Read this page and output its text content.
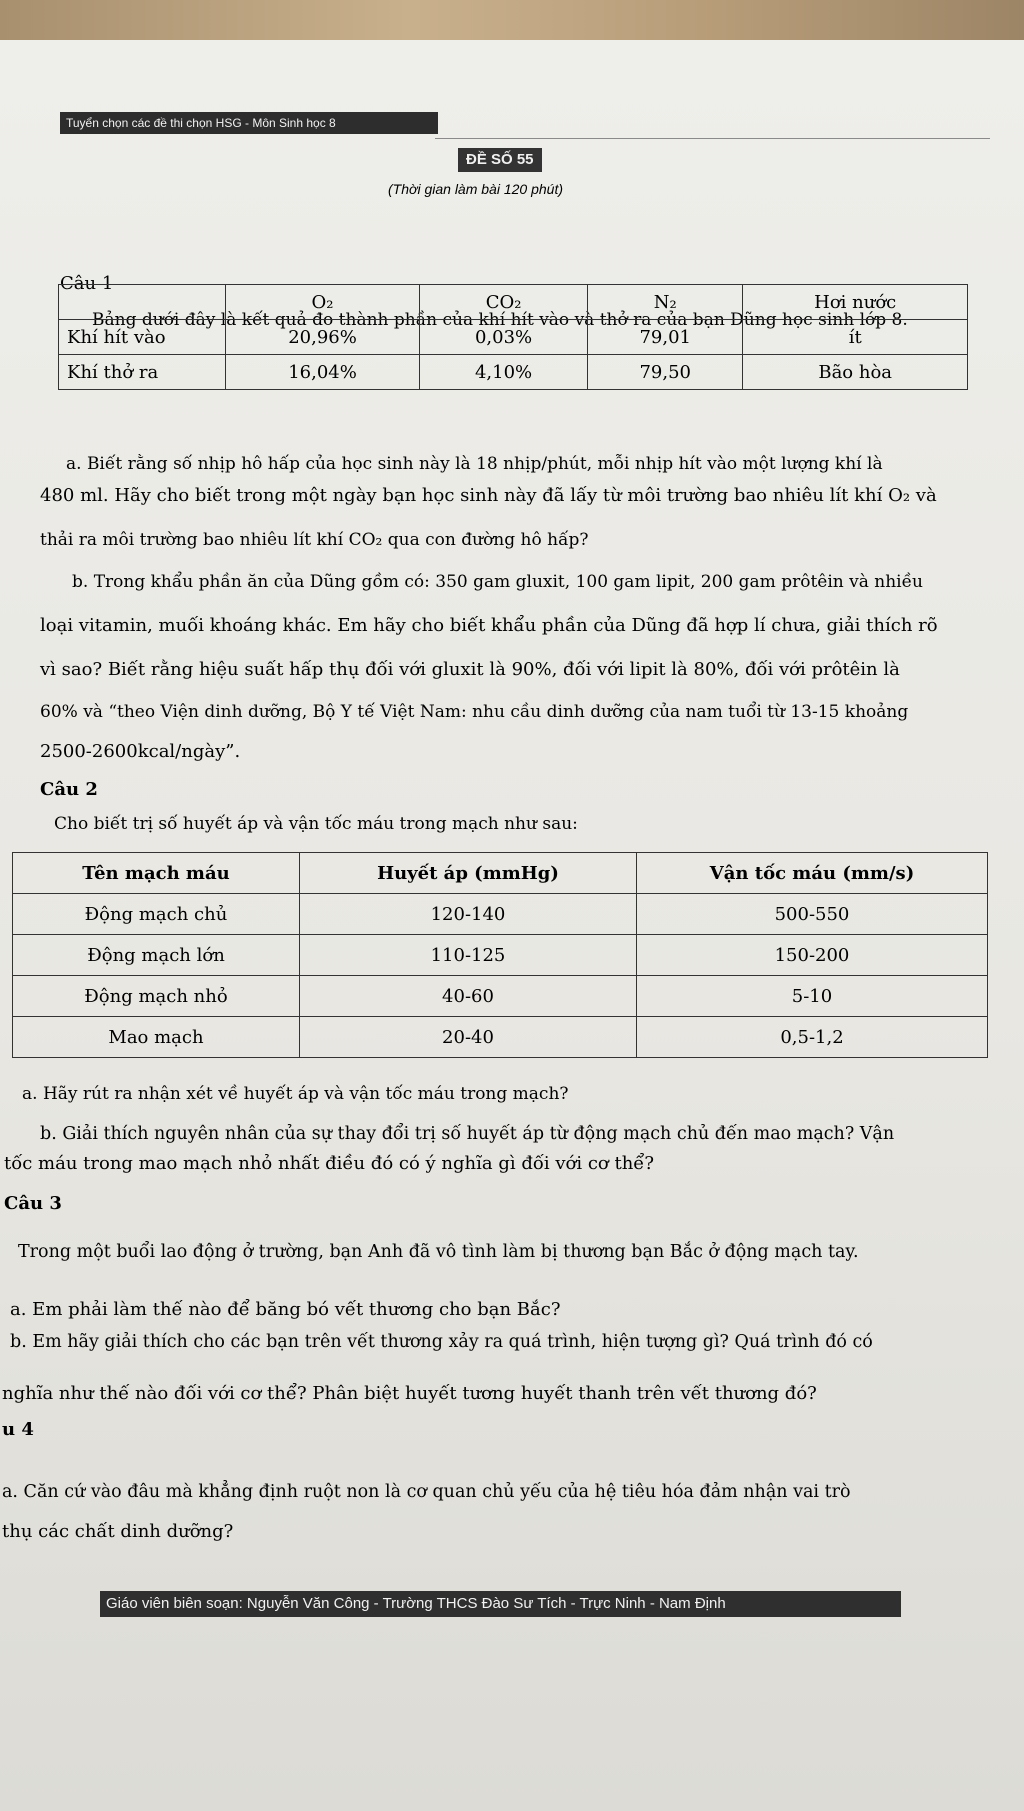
Tuyển chọn các đề thi chọn HSG - Môn Sinh học 8
ĐỀ SỐ 55
(Thời gian làm bài 120 phút)
Câu 1
Bảng dưới đây là kết quả đo thành phần của khí hít vào và thở ra của bạn Dũng học sinh lớp 8.
	O₂	CO₂	N₂	Hơi nước
Khí hít vào	20,96%	0,03%	79,01	ít
Khí thở ra	16,04%	4,10%	79,50	Bão hòa
a. Biết rằng số nhịp hô hấp của học sinh này là 18 nhịp/phút, mỗi nhịp hít vào một lượng khí là
480 ml. Hãy cho biết trong một ngày bạn học sinh này đã lấy từ môi trường bao nhiêu lít khí O₂ và
thải ra môi trường bao nhiêu lít khí CO₂ qua con đường hô hấp?
b. Trong khẩu phần ăn của Dũng gồm có: 350 gam gluxit, 100 gam lipit, 200 gam prôtêin và nhiều
loại vitamin, muối khoáng khác. Em hãy cho biết khẩu phần của Dũng đã hợp lí chưa, giải thích rõ
vì sao? Biết rằng hiệu suất hấp thụ đối với gluxit là 90%, đối với lipit là 80%, đối với prôtêin là
60% và “theo Viện dinh dưỡng, Bộ Y tế Việt Nam: nhu cầu dinh dưỡng của nam tuổi từ 13-15 khoảng
2500-2600kcal/ngày”.
Câu 2
Cho biết trị số huyết áp và vận tốc máu trong mạch như sau:
Tên mạch máu	Huyết áp (mmHg)	Vận tốc máu (mm/s)
Động mạch chủ	120-140	500-550
Động mạch lớn	110-125	150-200
Động mạch nhỏ	40-60	5-10
Mao mạch	20-40	0,5-1,2
a. Hãy rút ra nhận xét về huyết áp và vận tốc máu trong mạch?
b. Giải thích nguyên nhân của sự thay đổi trị số huyết áp từ động mạch chủ đến mao mạch? Vận
tốc máu trong mao mạch nhỏ nhất điều đó có ý nghĩa gì đối với cơ thể?
Câu 3
Trong một buổi lao động ở trường, bạn Anh đã vô tình làm bị thương bạn Bắc ở động mạch tay.
a. Em phải làm thế nào để băng bó vết thương cho bạn Bắc?
b. Em hãy giải thích cho các bạn trên vết thương xảy ra quá trình, hiện tượng gì? Quá trình đó có
nghĩa như thế nào đối với cơ thể? Phân biệt huyết tương huyết thanh trên vết thương đó?
u 4
a. Căn cứ vào đâu mà khẳng định ruột non là cơ quan chủ yếu của hệ tiêu hóa đảm nhận vai trò
thụ các chất dinh dưỡng?
Giáo viên biên soạn: Nguyễn Văn Công - Trường THCS Đào Sư Tích - Trực Ninh - Nam Định
